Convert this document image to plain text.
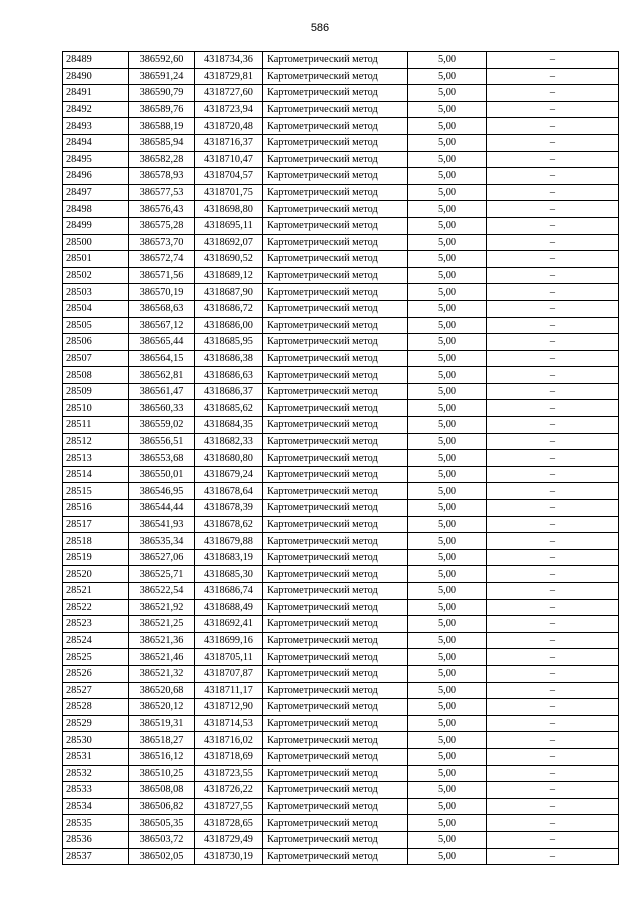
586
28489	386592,60	4318734,36	Картометрический метод	5,00	–
28490	386591,24	4318729,81	Картометрический метод	5,00	–
28491	386590,79	4318727,60	Картометрический метод	5,00	–
28492	386589,76	4318723,94	Картометрический метод	5,00	–
28493	386588,19	4318720,48	Картометрический метод	5,00	–
28494	386585,94	4318716,37	Картометрический метод	5,00	–
28495	386582,28	4318710,47	Картометрический метод	5,00	–
28496	386578,93	4318704,57	Картометрический метод	5,00	–
28497	386577,53	4318701,75	Картометрический метод	5,00	–
28498	386576,43	4318698,80	Картометрический метод	5,00	–
28499	386575,28	4318695,11	Картометрический метод	5,00	–
28500	386573,70	4318692,07	Картометрический метод	5,00	–
28501	386572,74	4318690,52	Картометрический метод	5,00	–
28502	386571,56	4318689,12	Картометрический метод	5,00	–
28503	386570,19	4318687,90	Картометрический метод	5,00	–
28504	386568,63	4318686,72	Картометрический метод	5,00	–
28505	386567,12	4318686,00	Картометрический метод	5,00	–
28506	386565,44	4318685,95	Картометрический метод	5,00	–
28507	386564,15	4318686,38	Картометрический метод	5,00	–
28508	386562,81	4318686,63	Картометрический метод	5,00	–
28509	386561,47	4318686,37	Картометрический метод	5,00	–
28510	386560,33	4318685,62	Картометрический метод	5,00	–
28511	386559,02	4318684,35	Картометрический метод	5,00	–
28512	386556,51	4318682,33	Картометрический метод	5,00	–
28513	386553,68	4318680,80	Картометрический метод	5,00	–
28514	386550,01	4318679,24	Картометрический метод	5,00	–
28515	386546,95	4318678,64	Картометрический метод	5,00	–
28516	386544,44	4318678,39	Картометрический метод	5,00	–
28517	386541,93	4318678,62	Картометрический метод	5,00	–
28518	386535,34	4318679,88	Картометрический метод	5,00	–
28519	386527,06	4318683,19	Картометрический метод	5,00	–
28520	386525,71	4318685,30	Картометрический метод	5,00	–
28521	386522,54	4318686,74	Картометрический метод	5,00	–
28522	386521,92	4318688,49	Картометрический метод	5,00	–
28523	386521,25	4318692,41	Картометрический метод	5,00	–
28524	386521,36	4318699,16	Картометрический метод	5,00	–
28525	386521,46	4318705,11	Картометрический метод	5,00	–
28526	386521,32	4318707,87	Картометрический метод	5,00	–
28527	386520,68	4318711,17	Картометрический метод	5,00	–
28528	386520,12	4318712,90	Картометрический метод	5,00	–
28529	386519,31	4318714,53	Картометрический метод	5,00	–
28530	386518,27	4318716,02	Картометрический метод	5,00	–
28531	386516,12	4318718,69	Картометрический метод	5,00	–
28532	386510,25	4318723,55	Картометрический метод	5,00	–
28533	386508,08	4318726,22	Картометрический метод	5,00	–
28534	386506,82	4318727,55	Картометрический метод	5,00	–
28535	386505,35	4318728,65	Картометрический метод	5,00	–
28536	386503,72	4318729,49	Картометрический метод	5,00	–
28537	386502,05	4318730,19	Картометрический метод	5,00	–
